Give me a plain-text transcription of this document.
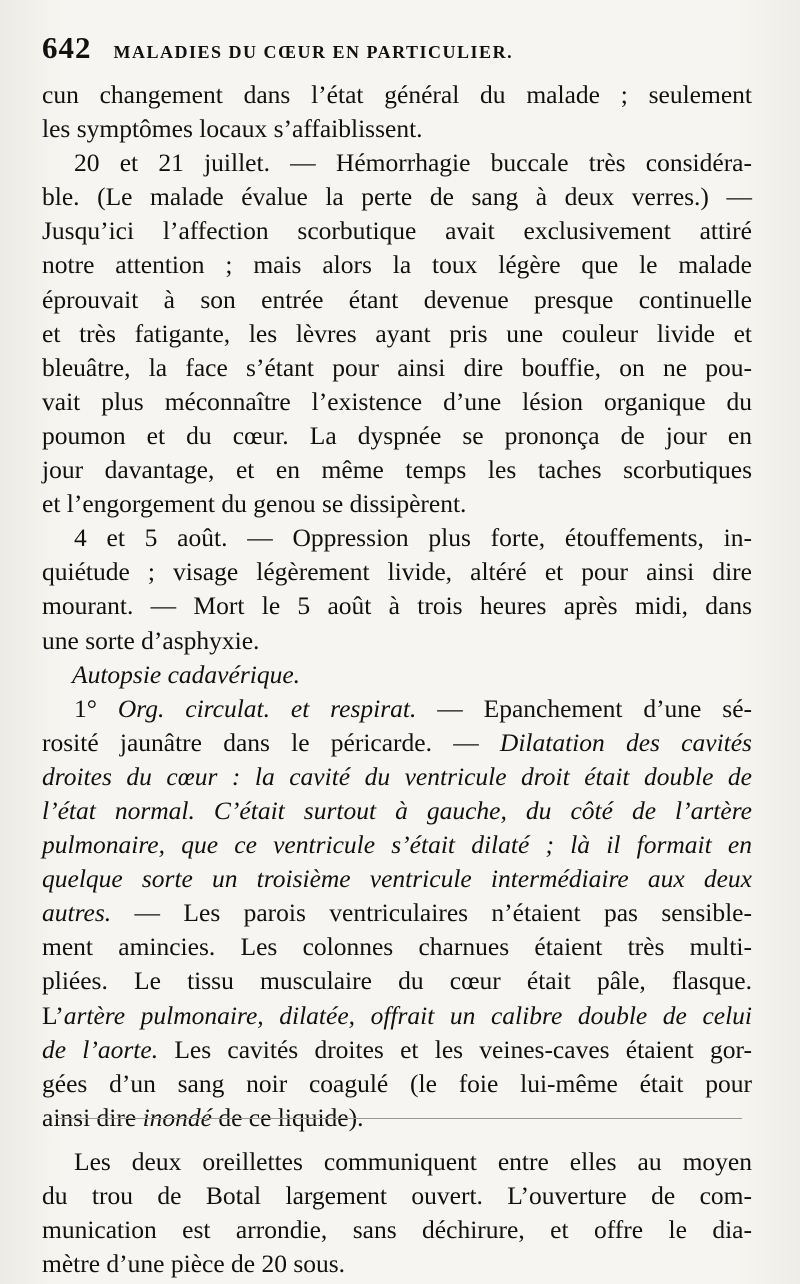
642 MALADIES DU CŒUR EN PARTICULIER.
cun changement dans l’état général du malade ; seulement
les symptômes locaux s’affaiblissent.
20 et 21 juillet. — Hémorrhagie buccale très considéra-
ble. (Le malade évalue la perte de sang à deux verres.) —
Jusqu’ici l’affection scorbutique avait exclusivement attiré
notre attention ; mais alors la toux légère que le malade
éprouvait à son entrée étant devenue presque continuelle
et très fatigante, les lèvres ayant pris une couleur livide et
bleuâtre, la face s’étant pour ainsi dire bouffie, on ne pou-
vait plus méconnaître l’existence d’une lésion organique du
poumon et du cœur. La dyspnée se prononça de jour en
jour davantage, et en même temps les taches scorbutiques
et l’engorgement du genou se dissipèrent.
4 et 5 août. — Oppression plus forte, étouffements, in-
quiétude ; visage légèrement livide, altéré et pour ainsi dire
mourant. — Mort le 5 août à trois heures après midi, dans
une sorte d’asphyxie.
Autopsie cadavérique.
1° Org. circulat. et respirat. — Epanchement d’une sé-
rosité jaunâtre dans le péricarde. — Dilatation des cavités
droites du cœur : la cavité du ventricule droit était double de
l’état normal. C’était surtout à gauche, du côté de l’artère
pulmonaire, que ce ventricule s’était dilaté ; là il formait en
quelque sorte un troisième ventricule intermédiaire aux deux
autres. — Les parois ventriculaires n’étaient pas sensible-
ment amincies. Les colonnes charnues étaient très multi-
pliées. Le tissu musculaire du cœur était pâle, flasque.
L’artère pulmonaire, dilatée, offrait un calibre double de celui
de l’aorte. Les cavités droites et les veines-caves étaient gor-
gées d’un sang noir coagulé (le foie lui-même était pour
ainsi dire inondé de ce liquide).
Les deux oreillettes communiquent entre elles au moyen
du trou de Botal largement ouvert. L’ouverture de com-
munication est arrondie, sans déchirure, et offre le dia-
mètre d’une pièce de 20 sous.
